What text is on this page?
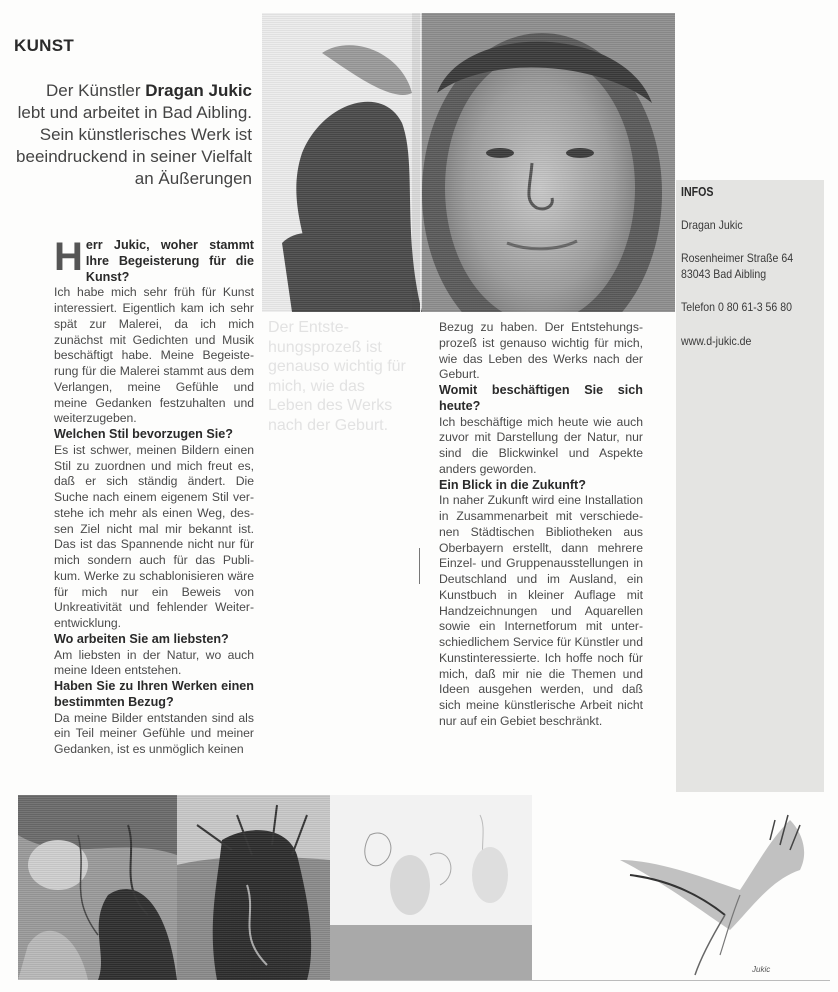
KUNST
Der Künstler Dragan Jukic lebt und arbeitet in Bad Aibling. Sein künstlerisches Werk ist beeindruckend in seiner Vielfalt an Äußerungen

Herr Jukic, woher stammt Ihre Begeisterung für die Kunst?

Ich habe mich sehr früh für Kunst interessiert. Eigentlich kam ich sehr spät zur Malerei, da ich mich zunächst mit Gedichten und Musik beschäftigt habe. Meine Begeisterung für die Malerei stammt aus dem Verlangen, meine Gefühle und meine Gedanken festzuhalten und weiterzugeben.

Welchen Stil bevorzugen Sie?

Es ist schwer, meinen Bildern einen Stil zu zuordnen und mich freut es, daß er sich ständig ändert. Die Suche nach einem eigenem Stil verstehe ich mehr als einen Weg, dessen Ziel nicht mal mir bekannt ist. Das ist das Spannende nicht nur für mich sondern auch für das Publikum. Werke zu schablonisieren wäre für mich nur ein Beweis von Unkreativität und fehlender Weiterentwicklung.

Wo arbeiten Sie am liebsten?

Am liebsten in der Natur, wo auch meine Ideen entstehen.

Haben Sie zu Ihren Werken einen bestimmten Bezug?

Da meine Bilder entstanden sind als ein Teil meiner Gefühle und meiner Gedanken, ist es unmöglich keinen

Der Entstehungsprozeß ist genauso wichtig für mich, wie das Leben des Werks nach der Geburt.

Bezug zu haben. Der Entstehungsprozeß ist genauso wichtig für mich, wie das Leben des Werks nach der Geburt.

Womit beschäftigen Sie sich heute?

Ich beschäftige mich heute wie auch zuvor mit Darstellung der Natur, nur sind die Blickwinkel und Aspekte anders geworden.

Ein Blick in die Zukunft?

In naher Zukunft wird eine Installation in Zusammenarbeit mit verschiedenen Städtischen Bibliotheken aus Oberbayern erstellt, dann mehrere Einzel- und Gruppenausstellungen in Deutschland und im Ausland, ein Kunstbuch in kleiner Auflage mit Handzeichnungen und Aquarellen sowie ein Internetforum mit unterschiedlichem Service für Künstler und Kunstinteressierte. Ich hoffe noch für mich, daß mir nie die Themen und Ideen ausgehen werden, und daß sich meine künstlerische Arbeit nicht nur auf ein Gebiet beschränkt.

INFOS
Dragan Jukic
Rosenheimer Straße 64
83043 Bad Aibling
Telefon 0 80 61-3 56 80
www.d-jukic.de
Jukic
